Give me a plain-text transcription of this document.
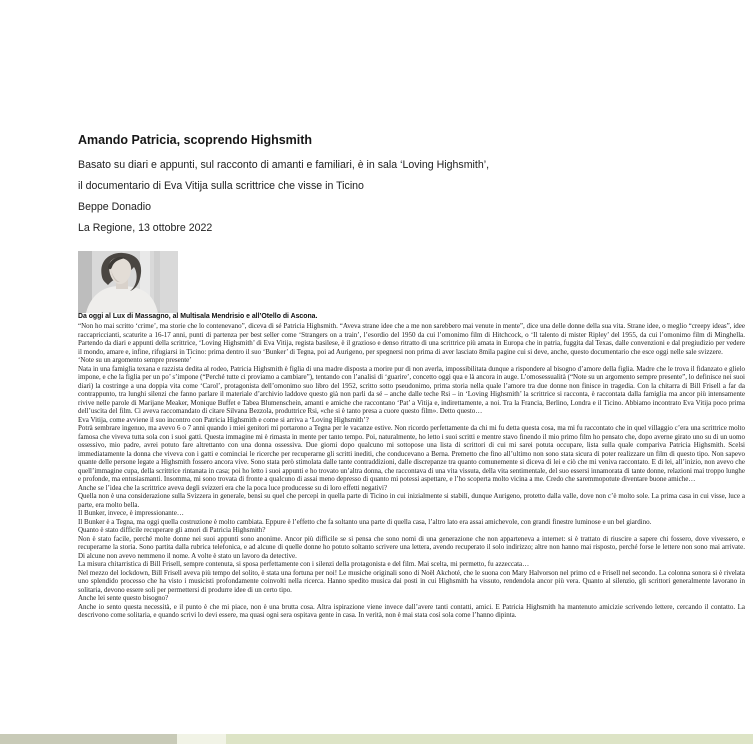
Amando Patricia, scoprendo Highsmith
Basato su diari e appunti, sul racconto di amanti e familiari, è in sala ‘Loving Highsmith’,
il documentario di Eva Vitija sulla scrittrice che visse in Ticino
Beppe Donadio
La Regione, 13 ottobre 2022
Da oggi al Lux di Massagno, al Multisala Mendrisio e all’Otello di Ascona.

“Non ho mai scritto ‘crime’, ma storie che lo contenevano”, diceva di sé Patricia Highsmith. “Aveva strane idee che a me non sarebbero mai venute in mente”, dice una delle donne della sua vita. Strane idee, o meglio “creepy ideas”, idee raccapriccianti, scaturite a 16-17 anni, punti di partenza per best seller come ‘Strangers on a train’, l’esordio del 1950 da cui l’omonimo film di Hitchcock, o ‘Il talento di mister Ripley’ del 1955, da cui l’omonimo film di Minghella. Partendo da diari e appunti della scrittrice, ‘Loving Highsmith’ di Eva Vitija, regista basilese, è il grazioso e denso ritratto di una scrittrice più amata in Europa che in patria, fuggita dal Texas, dalle convenzioni e dal pregiudizio per vedere il mondo, amare e, infine, rifugiarsi in Ticino: prima dentro il suo ‘Bunker’ di Tegna, poi ad Aurigeno, per spegnersi non prima di aver lasciato 8mila pagine cui si deve, anche, questo documentario che esce oggi nelle sale svizzere.

‘Note su un argomento sempre presente’

Nata in una famiglia texana e razzista dedita al rodeo, Patricia Highsmith è figlia di una madre disposta a morire pur di non averla, impossibilitata dunque a rispondere al bisogno d’amore della figlia. Madre che le trova il fidanzato e glielo impone, e che la figlia per un po’ s’impone (“Perché tutte ci proviamo a cambiare”), tentando con l’analisi di ‘guarire’, concetto oggi qua e là ancora in auge. L’omosessualità (“Note su un argomento sempre presente”, lo definisce nei suoi diari) la costringe a una doppia vita come ‘Carol’, protagonista dell’omonimo suo libro del 1952, scritto sotto pseudonimo, prima storia nella quale l’amore tra due donne non finisce in tragedia. Con la chitarra di Bill Frisell a far da contrappunto, tra lunghi silenzi che fanno parlare il materiale d’archivio laddove questo già non parli da sé – anche dalle teche Rsi – in ‘Loving Highsmith’ la scrittrice si racconta, è raccontata dalla famiglia ma ancor più intensamente rivive nelle parole di Marijane Meaker, Monique Buffet e Tabea Blumenschein, amanti e amiche che raccontano ‘Pat’ a Vitija e, indirettamente, a noi. Tra la Francia, Berlino, Londra e il Ticino. Abbiamo incontrato Eva Vitija poco prima dell’uscita del film. Ci aveva raccomandato di citare Silvana Bezzola, produttrice Rsi, «che si è tanto presa a cuore questo film». Detto questo…

Eva Vitija, come avviene il suo incontro con Patricia Highsmith e come si arriva a ‘Loving Highsmith’?

Potrà sembrare ingenuo, ma avevo 6 o 7 anni quando i miei genitori mi portarono a Tegna per le vacanze estive. Non ricordo perfettamente da chi mi fu detta questa cosa, ma mi fu raccontato che in quel villaggio c’era una scrittrice molto famosa che viveva tutta sola con i suoi gatti. Questa immagine mi è rimasta in mente per tanto tempo. Poi, naturalmente, ho letto i suoi scritti e mentre stavo finendo il mio primo film ho pensato che, dopo averne girato uno su di un uomo ossessivo, mio padre, avrei potuto fare altrettanto con una donna ossessiva. Due giorni dopo qualcuno mi sottopose una lista di scrittori di cui mi sarei potuta occupare, lista sulla quale compariva Patricia Highsmith. Scelsi immediatamente la donna che viveva con i gatti e cominciai le ricerche per recuperarne gli scritti inediti, che conducevano a Berna. Premetto che fino all’ultimo non sono stata sicura di poter realizzare un film di questo tipo. Non sapevo quante delle persone legate a Highsmith fossero ancora vive. Sono stata però stimolata dalle tante contraddizioni, dalle discrepanze tra quanto comunemente si diceva di lei e ciò che mi veniva raccontato. E di lei, all’inizio, non avevo che quell’immagine cupa, della scrittrice rintanata in casa; poi ho letto i suoi appunti e ho trovato un’altra donna, che raccontava di una vita vissuta, della vita sentimentale, del suo essersi innamorata di tante donne, relazioni mai troppo lunghe e profonde, ma entusiasmanti. Insomma, mi sono trovata di fronte a qualcuno di assai meno depresso di quanto mi potessi aspettare, e l’ho scoperta molto vicina a me. Credo che saremmopotute diventare buone amiche…

Anche se l’idea che la scrittrice aveva degli svizzeri era che la poca luce producesse su di loro effetti negativi?

Quella non è una considerazione sulla Svizzera in generale, bensì su quel che percepì in quella parte di Ticino in cui inizialmente si stabilì, dunque Aurigeno, protetto dalla valle, dove non c’è molto sole. La prima casa in cui visse, luce a parte, era molto bella.

Il Bunker, invece, è impressionante…

Il Bunker è a Tegna, ma oggi quella costruzione è molto cambiata. Eppure è l’effetto che fa soltanto una parte di quella casa, l’altro lato era assai amichevole, con grandi finestre luminose e un bel giardino.

Quanto è stato difficile recuperare gli amori di Patricia Highsmith?

Non è stato facile, perché molte donne nei suoi appunti sono anonime. Ancor più difficile se si pensa che sono nomi di una generazione che non apparteneva a internet: si è trattato di riuscire a sapere chi fossero, dove vivessero, e recuperarne la storia. Sono partita dalla rubrica telefonica, e ad alcune di quelle donne ho potuto soltanto scrivere una lettera, avendo recuperato il solo indirizzo; altre non hanno mai risposto, perché forse le lettere non sono mai arrivate. Di alcune non avevo nemmeno il nome. A volte è stato un lavoro da detective.

La misura chitarristica di Bill Frisell, sempre contenuta, si sposa perfettamente con i silenzi della protagonista e del film. Mai scelta, mi permetto, fu azzeccata…

Nel mezzo del lockdown, Bill Frisell aveva più tempo del solito, è stata una fortuna per noi! Le musiche originali sono di Noël Akchoté, che le suona con Mary Halvorson nel primo cd e Frisell nel secondo. La colonna sonora si è rivelata uno splendido processo che ha visto i musicisti profondamente coinvolti nella ricerca. Hanno spedito musica dai posti in cui Highsmith ha vissuto, rendendola ancor più vera. Quanto al silenzio, gli scrittori generalmente lavorano in solitaria, devono essere soli per permettersi di produrre idee di un certo tipo.

Anche lei sente questo bisogno?

Anche io sento questa necessità, e il punto è che mi piace, non è una brutta cosa. Altra ispirazione viene invece dall’avere tanti contatti, amici. E Patricia Highsmith ha mantenuto amicizie scrivendo lettere, cercando il contatto. La descrivono come solitaria, e quando scrivi lo devi essere, ma quasi ogni sera ospitava gente in casa. In verità, non è mai stata così sola come l’hanno dipinta.
